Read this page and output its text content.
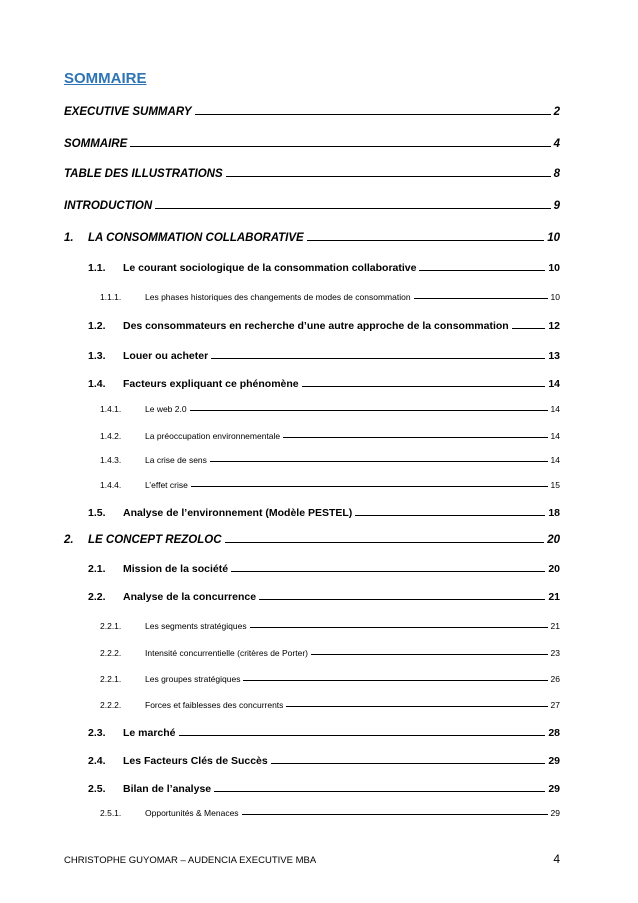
SOMMAIRE
EXECUTIVE SUMMARY	2
SOMMAIRE	4
TABLE DES ILLUSTRATIONS	8
INTRODUCTION	9
1.	LA CONSOMMATION COLLABORATIVE	10
1.1.	Le courant sociologique de la consommation collaborative	10
1.1.1.	Les phases historiques des changements de modes de consommation	10
1.2.	Des consommateurs en recherche d’une autre approche de la consommation	12
1.3.	Louer ou acheter	13
1.4.	Facteurs expliquant ce phénomène	14
1.4.1.	Le web 2.0	14
1.4.2.	La préoccupation environnementale	14
1.4.3.	La crise de sens	14
1.4.4.	L’effet crise	15
1.5.	Analyse de l’environnement (Modèle PESTEL)	18
2.	LE CONCEPT REZOLOC	20
2.1.	Mission de la société	20
2.2.	Analyse de la concurrence	21
2.2.1.	Les segments stratégiques	21
2.2.2.	Intensité concurrentielle (critères de Porter)	23
2.2.1.	Les groupes stratégiques	26
2.2.2.	Forces et faiblesses des concurrents	27
2.3.	Le marché	28
2.4.	Les Facteurs Clés de Succès	29
2.5.	Bilan de l’analyse	29
2.5.1.	Opportunités & Menaces	29
CHRISTOPHE GUYOMAR – AUDENCIA EXECUTIVE MBA	4
